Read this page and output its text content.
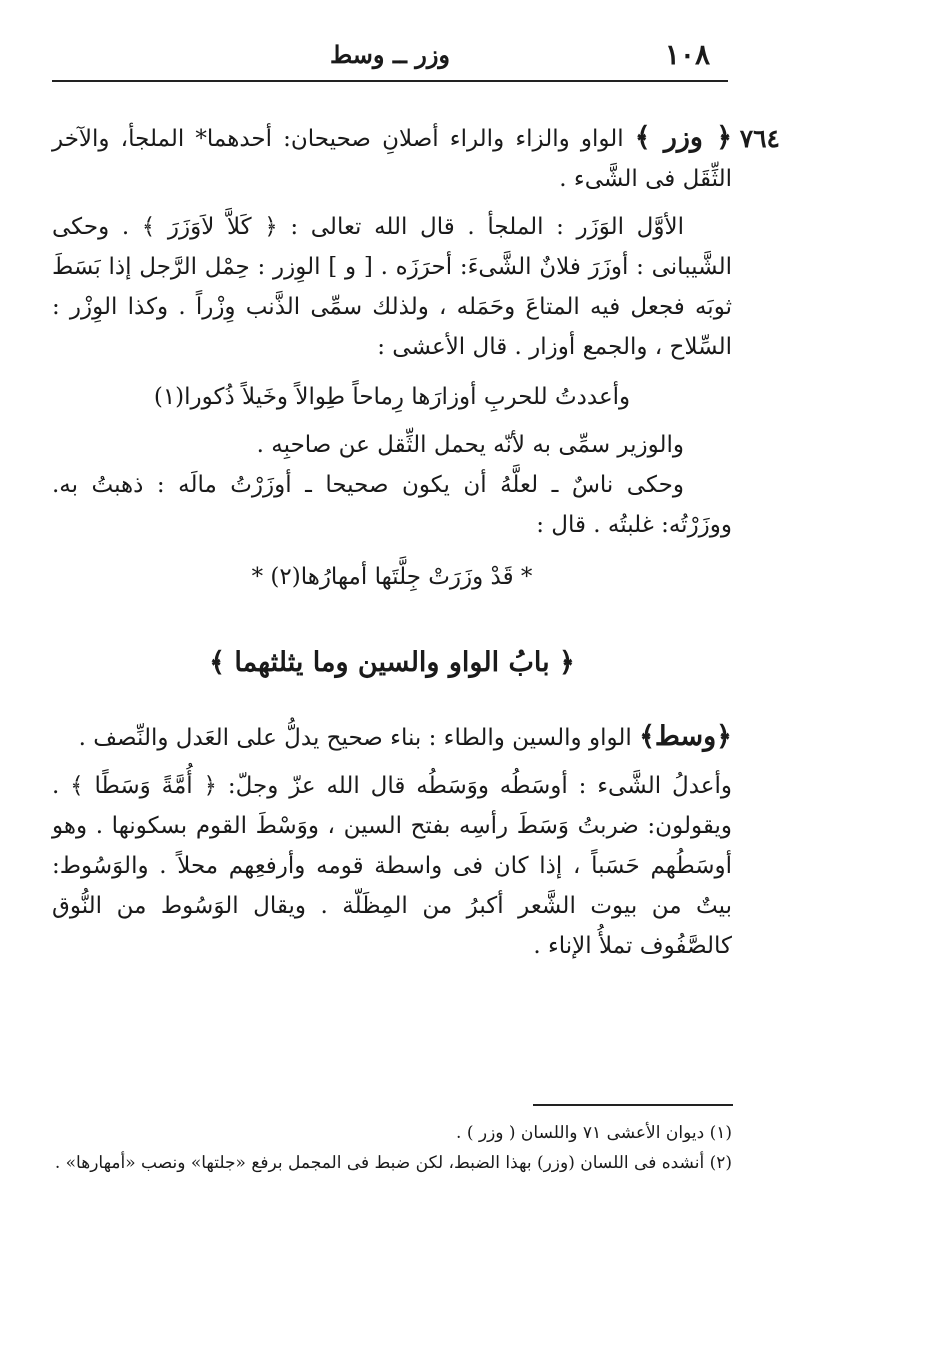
١٠٨
وزر ــ وسط
٧٦٤

﴿ وزر ﴾ الواو والزاء والراء أصلانِ صحيحان: أحدهما* الملجأ، والآخر الثِّقَل فى الشَّىء .

الأوَّل الوَزَر : الملجأ . قال الله تعالى : ﴿ كَلاَّ لاَوَزَرَ ﴾ . وحكى الشَّيبانى : أوزَرَ فلانٌ الشَّىءَ: أحرَزَه . [ و ] الوِزر : حِمْل الرَّجل إذا بَسَطَ ثوبَه فجعل فيه المتاعَ وحَمَله ، ولذلك سمِّى الذَّنب وِزْراً . وكذا الوِزْر : السِّلاح ، والجمع أوزار . قال الأعشى :

وأعددتُ للحربِ أوزارَها رِماحاً طِوالاً وخَيلاً ذُكورا(١)

والوزير سمِّى به لأنّه يحمل الثِّقل عن صاحبِه .

وحكى ناسٌ ـ لعلَّهُ أن يكون صحيحا ـ أوزَرْتُ مالَه : ذهبتُ به. ووزَرْتُه: غلبتُه . قال :

* قَدْ وزَرَتْ جِلَّتَها أمهارُها(٢) *

﴿ بابُ الواو والسين وما يثلثهما ﴾

﴿وسط﴾ الواو والسين والطاء : بناء صحيح يدلُّ على العَدل والنِّصف .

وأعدلُ الشَّىء : أوسَطُه ووَسَطُه قال الله عزّ وجلّ: ﴿ أُمَّةً وَسَطًا ﴾ . ويقولون: ضربتُ وَسَطَ رأسِه بفتح السين ، ووَسْطَ القوم بسكونها . وهو أوسَطُهم حَسَباً ، إذا كان فى واسطة قومه وأرفعِهم محلاً . والوَسُوط: بيتٌ من بيوت الشَّعر أكبرُ من المِظَلّة . ويقال الوَسُوط من النُّوق كالصَّفُوف تملأُ الإناء .

(١) ديوان الأعشى ٧١ واللسان ( وزر ) .

(٢) أنشده فى اللسان (وزر) بهذا الضبط، لكن ضبط فى المجمل برفع «جلتها» ونصب «أمهارها» .
